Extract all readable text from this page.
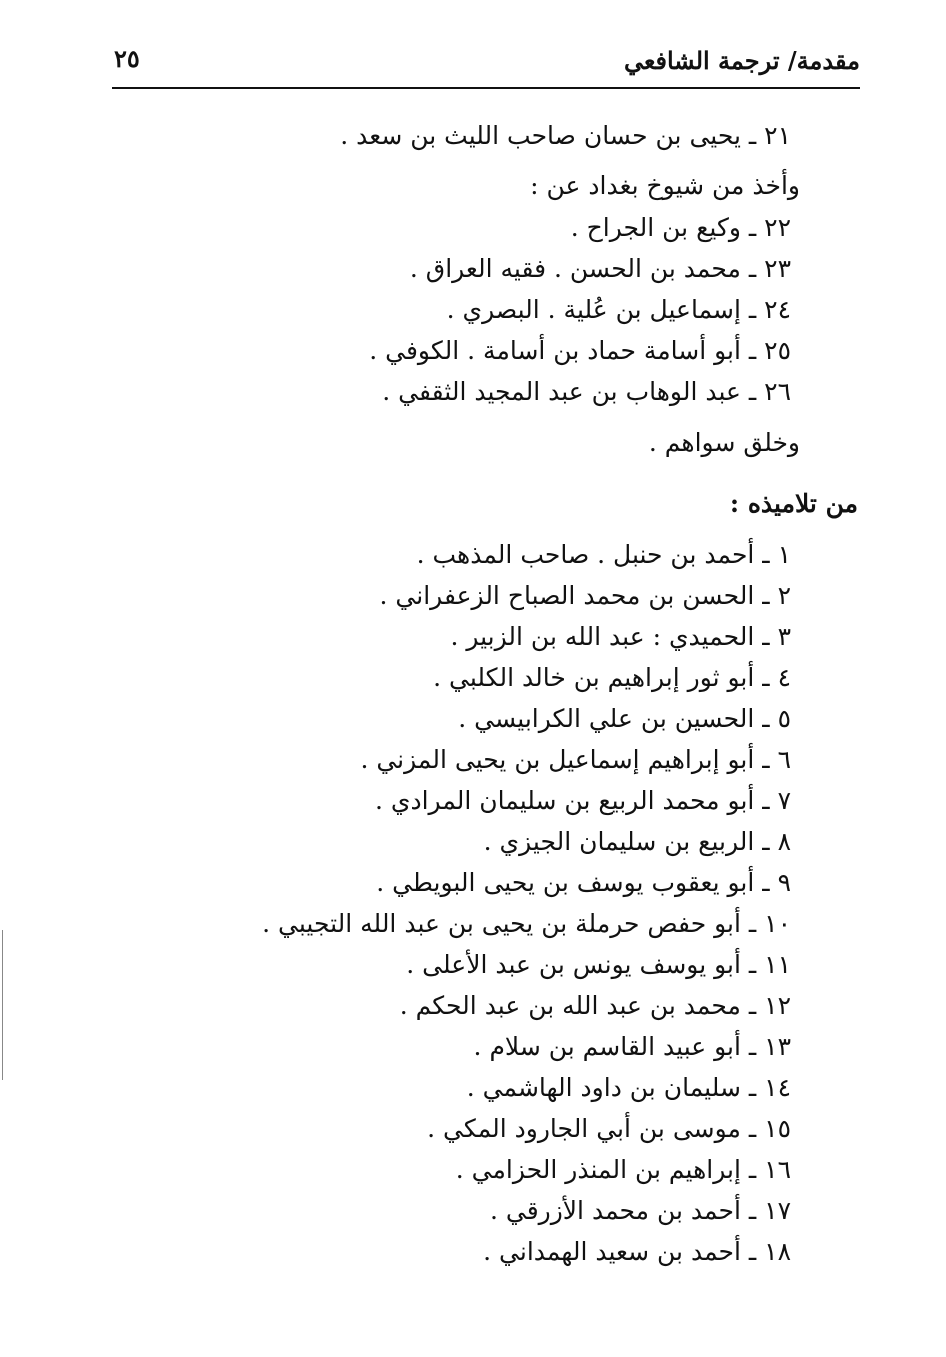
مقدمة/ ترجمة الشافعي
٢٥
٢١ ـ يحيى بن حسان صاحب الليث بن سعد .
وأخذ من شيوخ بغداد عن :
٢٢ ـ وكيع بن الجراح .
٢٣ ـ محمد بن الحسن . فقيه العراق .
٢٤ ـ إسماعيل بن عُلية . البصري .
٢٥ ـ أبو أسامة حماد بن أسامة . الكوفي .
٢٦ ـ عبد الوهاب بن عبد المجيد الثقفي .
وخلق سواهم .
من تلاميذه :
١ ـ أحمد بن حنبل . صاحب المذهب .
٢ ـ الحسن بن محمد الصباح الزعفراني .
٣ ـ الحميدي : عبد الله بن الزبير .
٤ ـ أبو ثور إبراهيم بن خالد الكلبي .
٥ ـ الحسين بن علي الكرابيسي .
٦ ـ أبو إبراهيم إسماعيل بن يحيى المزني .
٧ ـ أبو محمد الربيع بن سليمان المرادي .
٨ ـ الربيع بن سليمان الجيزي .
٩ ـ أبو يعقوب يوسف بن يحيى البويطي .
١٠ ـ أبو حفص حرملة بن يحيى بن عبد الله التجيبي .
١١ ـ أبو يوسف يونس بن عبد الأعلى .
١٢ ـ محمد بن عبد الله بن عبد الحكم .
١٣ ـ أبو عبيد القاسم بن سلام .
١٤ ـ سليمان بن داود الهاشمي .
١٥ ـ موسى بن أبي الجارود المكي .
١٦ ـ إبراهيم بن المنذر الحزامي .
١٧ ـ أحمد بن محمد الأزرقي .
١٨ ـ أحمد بن سعيد الهمداني .
